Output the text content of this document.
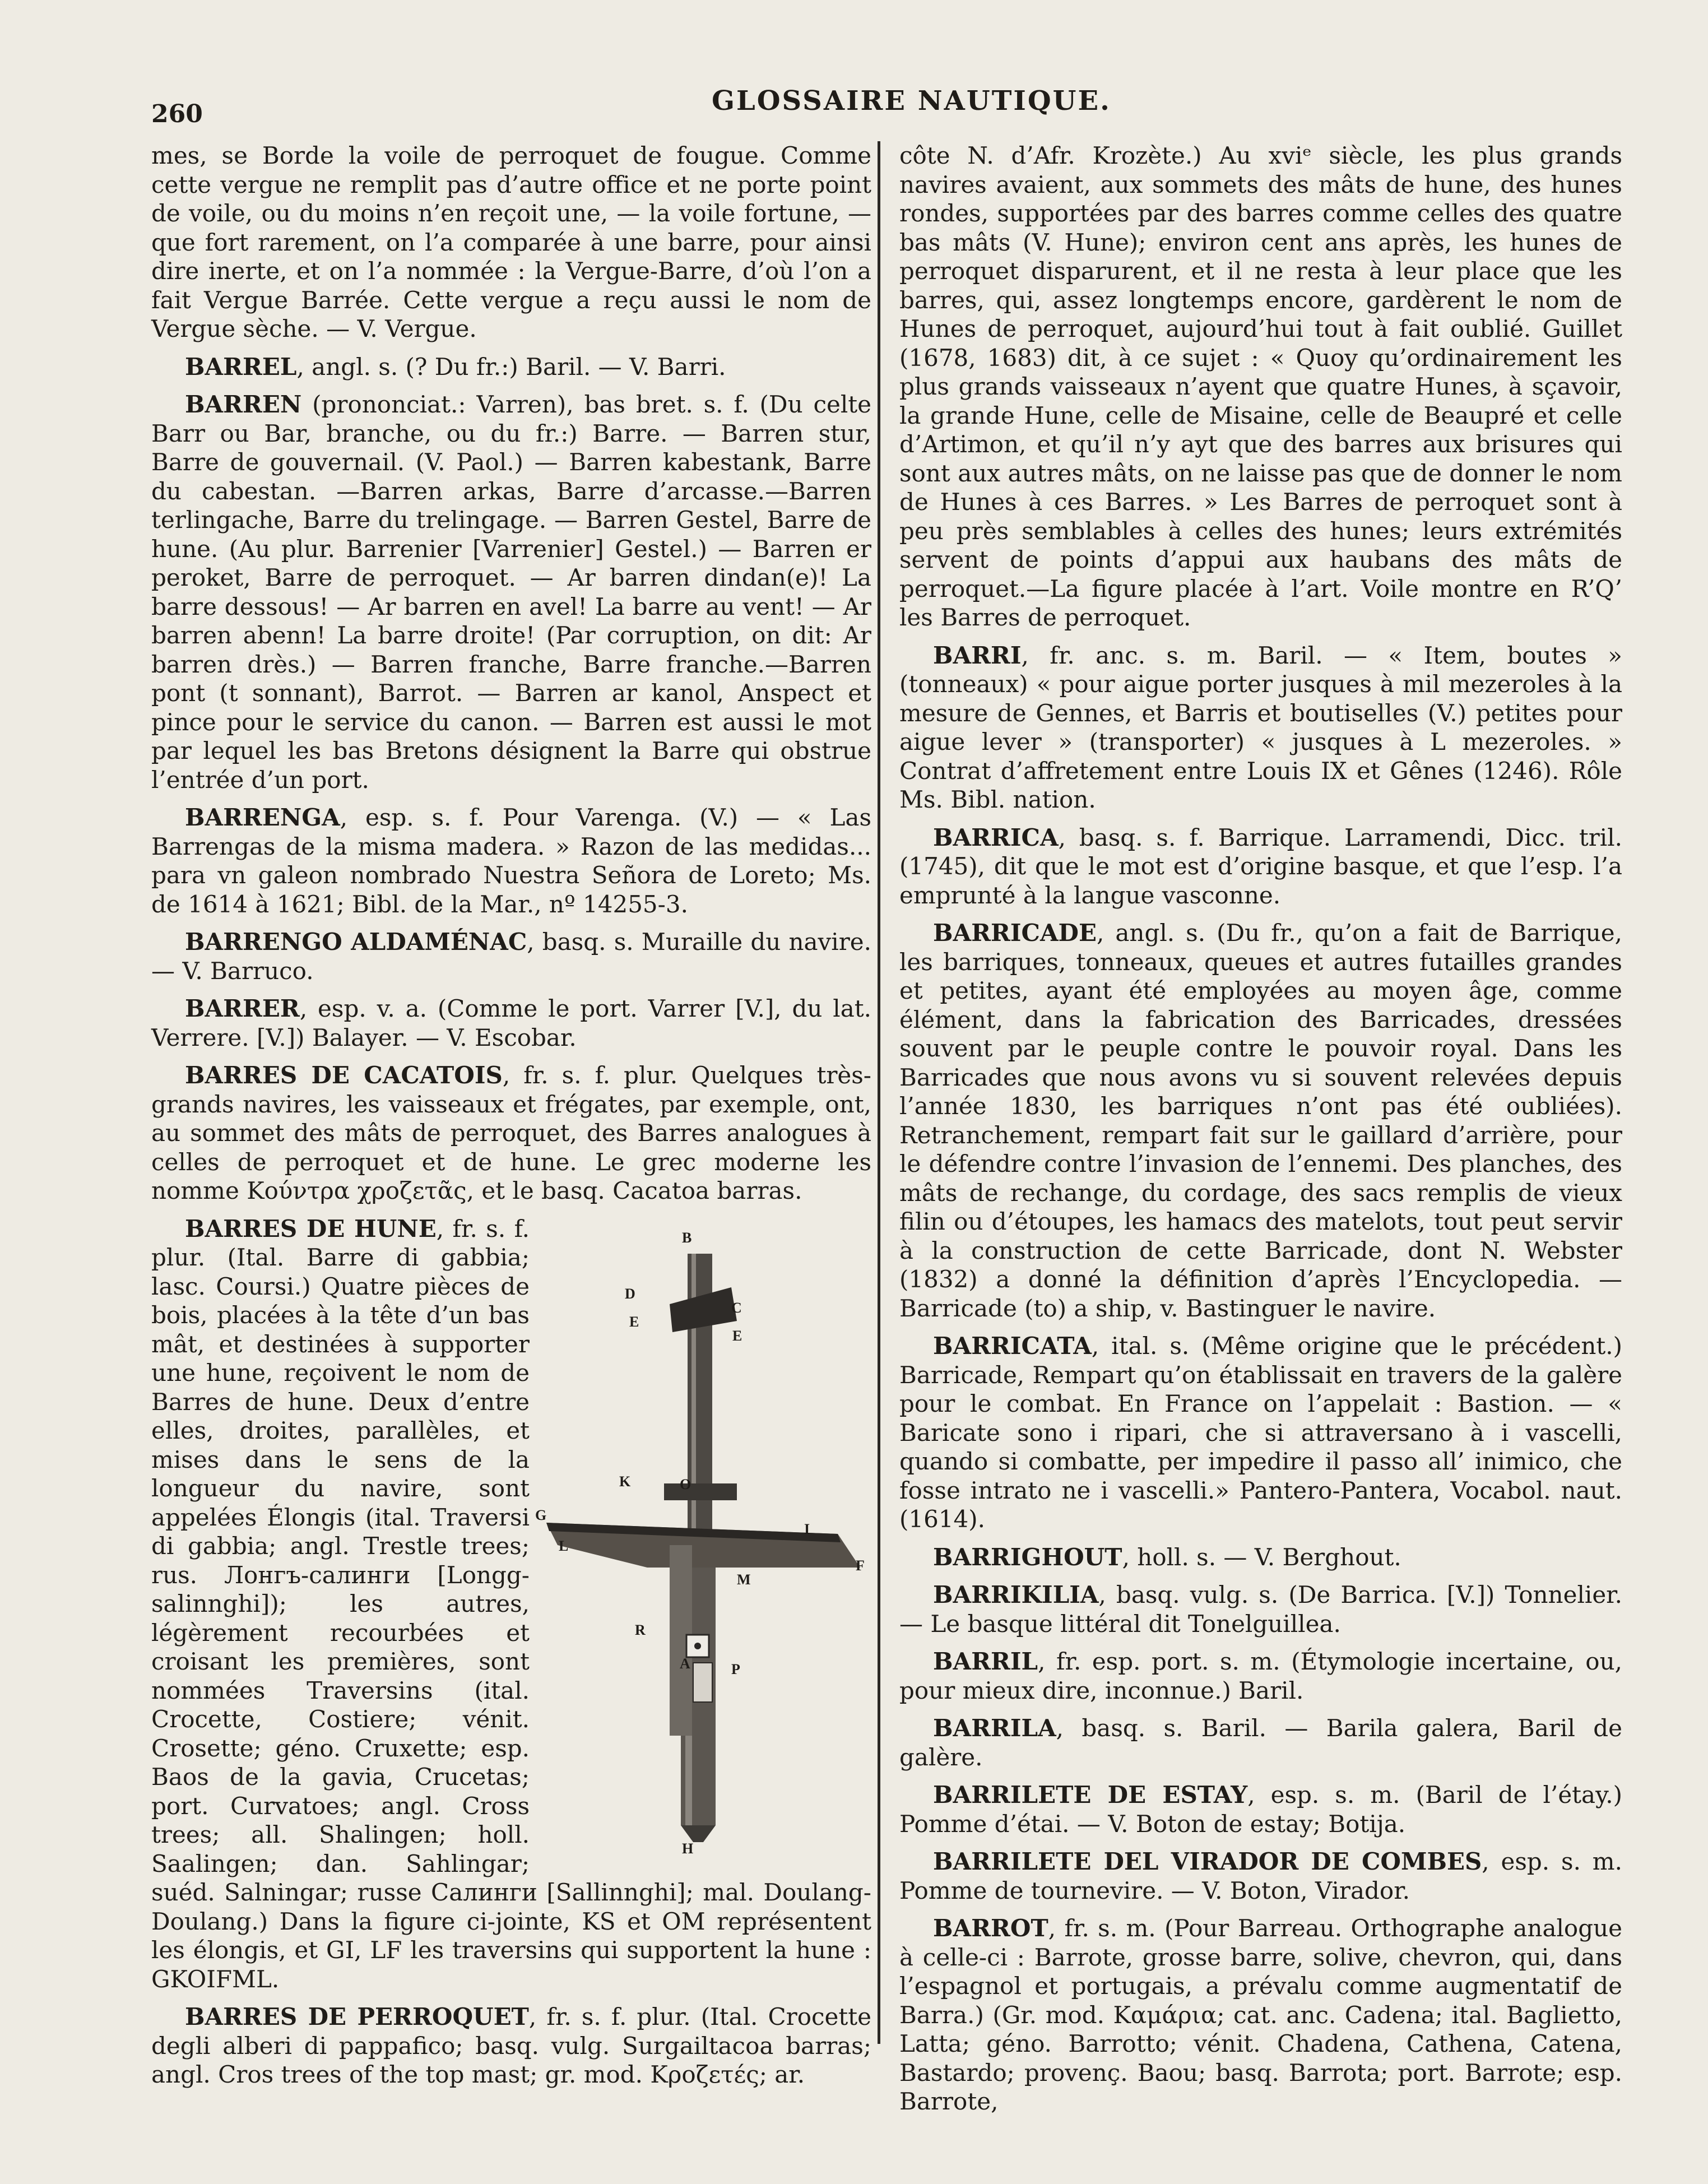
260	GLOSSAIRE NAUTIQUE.

mes, se Borde la voile de perroquet de fougue. Comme cette vergue ne remplit pas d’autre office et ne porte point de voile, ou du moins n’en reçoit une, — la voile fortune, — que fort rarement, on l’a comparée à une barre, pour ainsi dire inerte, et on l’a nommée : la Vergue-Barre, d’où l’on a fait Vergue Barrée. Cette vergue a reçu aussi le nom de Vergue sèche. — V. Vergue.

BARREL, angl. s. (? Du fr.:) Baril. — V. Barri.

BARREN (prononciat.: Varren), bas bret. s. f. (Du celte Barr ou Bar, branche, ou du fr.:) Barre. — Barren stur, Barre de gouvernail. (V. Paol.) — Barren kabestank, Barre du cabestan. —Barren arkas, Barre d’arcasse.—Barren terlingache, Barre du trelingage. — Barren Gestel, Barre de hune. (Au plur. Barrenier [Varrenier] Gestel.) — Barren er peroket, Barre de perroquet. — Ar barren dindan(e)! La barre dessous! — Ar barren en avel! La barre au vent! — Ar barren abenn! La barre droite! (Par corruption, on dit: Ar barren drès.) — Barren franche, Barre franche.—Barren pont (t sonnant), Barrot. — Barren ar kanol, Anspect et pince pour le service du canon. — Barren est aussi le mot par lequel les bas Bretons désignent la Barre qui obstrue l’entrée d’un port.

BARRENGA, esp. s. f. Pour Varenga. (V.) — « Las Barrengas de la misma madera. » Razon de las medidas... para vn galeon nombrado Nuestra Señora de Loreto; Ms. de 1614 à 1621; Bibl. de la Mar., nº 14255-3.

BARRENGO ALDAMÉNAC, basq. s. Muraille du navire. — V. Barruco.

BARRER, esp. v. a. (Comme le port. Varrer [V.], du lat. Verrere. [V.]) Balayer. — V. Escobar.

BARRES DE CACATOIS, fr. s. f. plur. Quelques très-grands navires, les vaisseaux et frégates, par exemple, ont, au sommet des mâts de perroquet, des Barres analogues à celles de perroquet et de hune. Le grec moderne les nomme Κούντρα χροζετᾶς, et le basq. Cacatoa barras.

B
D
C
E
E
K	O
G
I
L
F
M
R
A	P
H
BARRES DE HUNE, fr. s. f. plur. (Ital. Barre di gabbia; lasc. Coursi.) Quatre pièces de bois, placées à la tête d’un bas mât, et destinées à supporter une hune, reçoivent le nom de Barres de hune. Deux d’entre elles, droites, parallèles, et mises dans le sens de la longueur du navire, sont appelées Élongis (ital. Traversi di gabbia; angl. Trestle trees; rus. Лонгъ-салинги [Longg-salinnghi]); les autres, légèrement recourbées et croisant les premières, sont nommées Traversins (ital. Crocette, Costiere; vénit. Crosette; géno. Cruxette; esp. Baos de la gavia, Crucetas; port. Curvatoes; angl. Cross trees; all. Shalingen; holl. Saalingen; dan. Sahlingar; suéd. Salningar; russe Салинги [Sallinnghi]; mal. Doulang-Doulang.) Dans la figure ci-jointe, KS et OM représentent les élongis, et GI, LF les traversins qui supportent la hune : GKOIFML.

BARRES DE PERROQUET, fr. s. f. plur. (Ital. Crocette degli alberi di pappafico; basq. vulg. Surgailtacoa barras; angl. Cros trees of the top mast; gr. mod. Κροζετές; ar.

côte N. d’Afr. Krozète.) Au xviᵉ siècle, les plus grands navires avaient, aux sommets des mâts de hune, des hunes rondes, supportées par des barres comme celles des quatre bas mâts (V. Hune); environ cent ans après, les hunes de perroquet disparurent, et il ne resta à leur place que les barres, qui, assez longtemps encore, gardèrent le nom de Hunes de perroquet, aujourd’hui tout à fait oublié. Guillet (1678, 1683) dit, à ce sujet : « Quoy qu’ordinairement les plus grands vaisseaux n’ayent que quatre Hunes, à sçavoir, la grande Hune, celle de Misaine, celle de Beaupré et celle d’Artimon, et qu’il n’y ayt que des barres aux brisures qui sont aux autres mâts, on ne laisse pas que de donner le nom de Hunes à ces Barres. » Les Barres de perroquet sont à peu près semblables à celles des hunes; leurs extrémités servent de points d’appui aux haubans des mâts de perroquet.—La figure placée à l’art. Voile montre en R’Q’ les Barres de perroquet.

BARRI, fr. anc. s. m. Baril. — « Item, boutes » (tonneaux) « pour aigue porter jusques à mil mezeroles à la mesure de Gennes, et Barris et boutiselles (V.) petites pour aigue lever » (transporter) « jusques à L mezeroles. » Contrat d’affretement entre Louis IX et Gênes (1246). Rôle Ms. Bibl. nation.

BARRICA, basq. s. f. Barrique. Larramendi, Dicc. tril. (1745), dit que le mot est d’origine basque, et que l’esp. l’a emprunté à la langue vasconne.

BARRICADE, angl. s. (Du fr., qu’on a fait de Barrique, les barriques, tonneaux, queues et autres futailles grandes et petites, ayant été employées au moyen âge, comme élément, dans la fabrication des Barricades, dressées souvent par le peuple contre le pouvoir royal. Dans les Barricades que nous avons vu si souvent relevées depuis l’année 1830, les barriques n’ont pas été oubliées). Retranchement, rempart fait sur le gaillard d’arrière, pour le défendre contre l’invasion de l’ennemi. Des planches, des mâts de rechange, du cordage, des sacs remplis de vieux filin ou d’étoupes, les hamacs des matelots, tout peut servir à la construction de cette Barricade, dont N. Webster (1832) a donné la définition d’après l’Encyclopedia. — Barricade (to) a ship, v. Bastinguer le navire.

BARRICATA, ital. s. (Même origine que le précédent.) Barricade, Rempart qu’on établissait en travers de la galère pour le combat. En France on l’appelait : Bastion. — « Baricate sono i ripari, che si attraversano à i vascelli, quando si combatte, per impedire il passo all’ inimico, che fosse intrato ne i vascelli.» Pantero-Pantera, Vocabol. naut. (1614).

BARRIGHOUT, holl. s. — V. Berghout.

BARRIKILIA, basq. vulg. s. (De Barrica. [V.]) Tonnelier. — Le basque littéral dit Tonelguillea.

BARRIL, fr. esp. port. s. m. (Étymologie incertaine, ou, pour mieux dire, inconnue.) Baril.

BARRILA, basq. s. Baril. — Barila galera, Baril de galère.

BARRILETE DE ESTAY, esp. s. m. (Baril de l’étay.) Pomme d’étai. — V. Boton de estay; Botija.

BARRILETE DEL VIRADOR DE COMBES, esp. s. m. Pomme de tournevire. — V. Boton, Virador.

BARROT, fr. s. m. (Pour Barreau. Orthographe analogue à celle-ci : Barrote, grosse barre, solive, chevron, qui, dans l’espagnol et portugais, a prévalu comme augmentatif de Barra.) (Gr. mod. Καμάρια; cat. anc. Cadena; ital. Baglietto, Latta; géno. Barrotto; vénit. Chadena, Cathena, Catena, Bastardo; provenç. Baou; basq. Barrota; port. Barrote; esp. Barrote,
